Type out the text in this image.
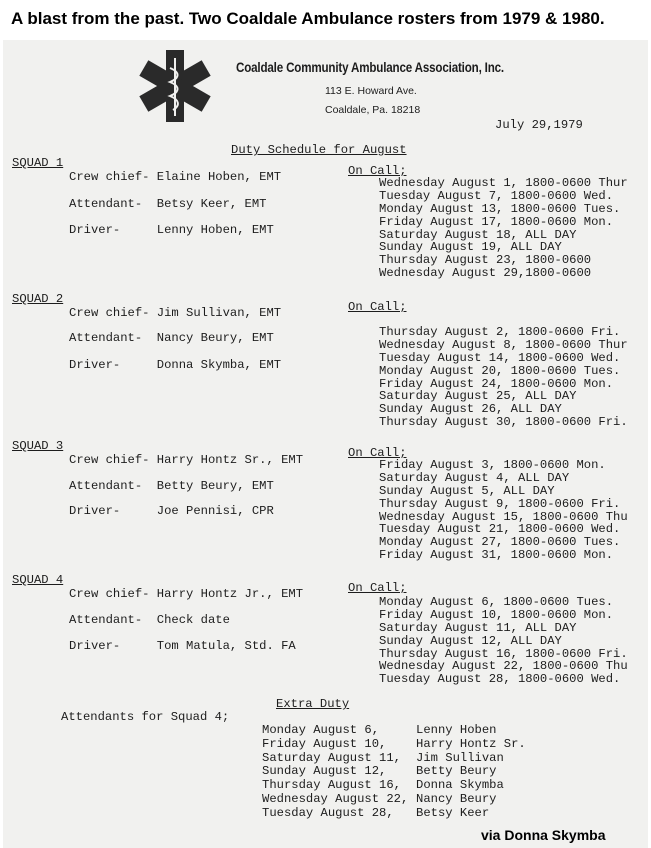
A blast from the past. Two Coaldale Ambulance rosters from 1979 & 1980.
Coaldale Community Ambulance Association, Inc.
113 E. Howard Ave.
Coaldale, Pa. 18218
July 29,1979
Duty Schedule for August
SQUAD 1
Crew chief- Elaine Hoben, EMT
Attendant-  Betsy Keer, EMT
Driver-     Lenny Hoben, EMT
On Call;
Wednesday August 1, 1800-0600 Thur
Tuesday August 7, 1800-0600 Wed.
Monday August 13, 1800-0600 Tues.
Friday August 17, 1800-0600 Mon.
Saturday August 18, ALL DAY
Sunday August 19, ALL DAY
Thursday August 23, 1800-0600
Wednesday August 29,1800-0600
SQUAD 2
Crew chief- Jim Sullivan, EMT
Attendant-  Nancy Beury, EMT
Driver-     Donna Skymba, EMT
On Call;
Thursday August 2, 1800-0600 Fri.
Wednesday August 8, 1800-0600 Thur
Tuesday August 14, 1800-0600 Wed.
Monday August 20, 1800-0600 Tues.
Friday August 24, 1800-0600 Mon.
Saturday August 25, ALL DAY
Sunday August 26, ALL DAY
Thursday August 30, 1800-0600 Fri.
SQUAD 3
Crew chief- Harry Hontz Sr., EMT
Attendant-  Betty Beury, EMT
Driver-     Joe Pennisi, CPR
On Call;
Friday August 3, 1800-0600 Mon.
Saturday August 4, ALL DAY
Sunday August 5, ALL DAY
Thursday August 9, 1800-0600 Fri.
Wednesday August 15, 1800-0600 Thu
Tuesday August 21, 1800-0600 Wed.
Monday August 27, 1800-0600 Tues.
Friday August 31, 1800-0600 Mon.
SQUAD 4
Crew chief- Harry Hontz Jr., EMT
Attendant-  Check date
Driver-     Tom Matula, Std. FA
On Call;
Monday August 6, 1800-0600 Tues.
Friday August 10, 1800-0600 Mon.
Saturday August 11, ALL DAY
Sunday August 12, ALL DAY
Thursday August 16, 1800-0600 Fri.
Wednesday August 22, 1800-0600 Thu
Tuesday August 28, 1800-0600 Wed.
Extra Duty
Attendants for Squad 4;
Monday August 6,
Friday August 10,
Saturday August 11,
Sunday August 12,
Thursday August 16,
Wednesday August 22,
Tuesday August 28,
Lenny Hoben
Harry Hontz Sr.
Jim Sullivan
Betty Beury
Donna Skymba
Nancy Beury
Betsy Keer
via Donna Skymba
